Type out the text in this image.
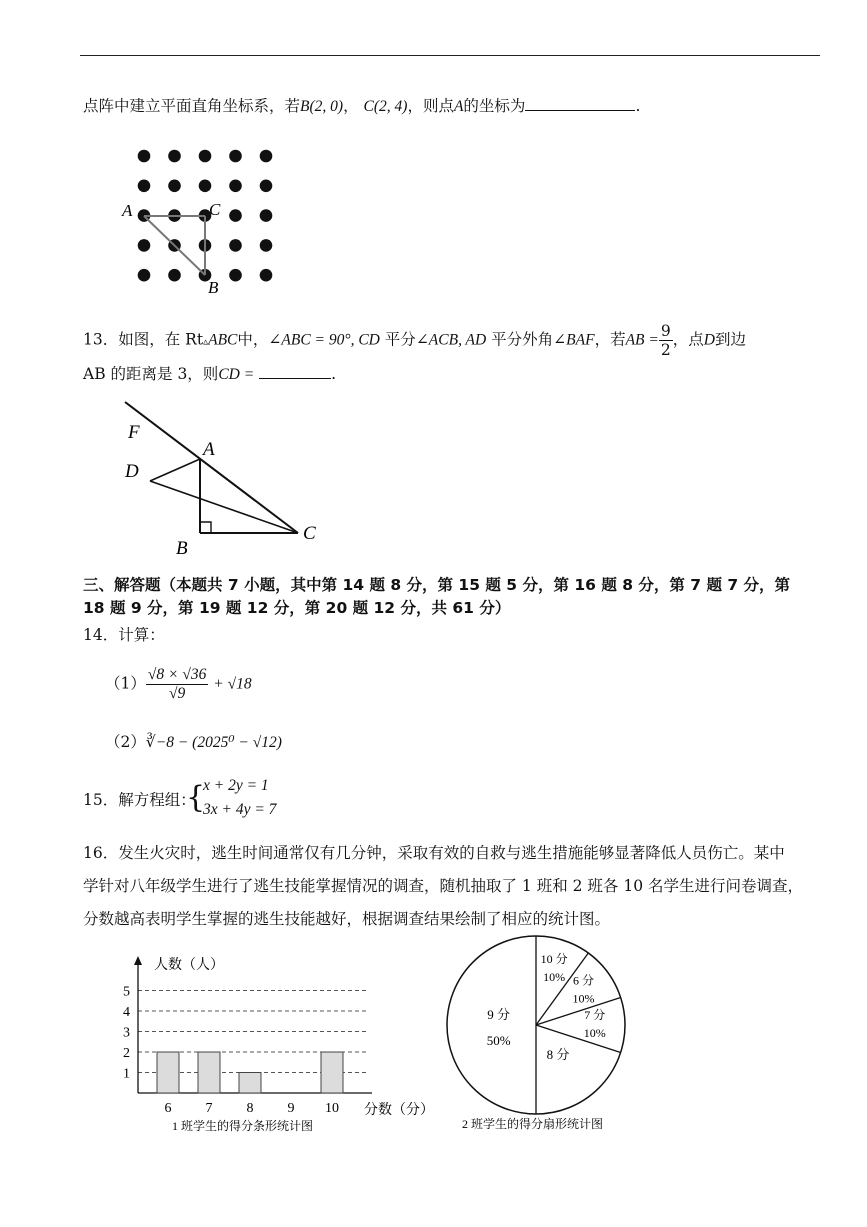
点阵中建立平面直角坐标系，若B(2, 0)， C(2, 4)，则点A的坐标为	.
A	C
B
13．如图，在 Rt▵ABC中，∠ABC = 90°, CD 平分∠ACB, AD 平分外角∠BAF，若AB = $\frac{9}{2}$ ，点D到边
AB 的距离是 3，则CD =	.
F
A
D
B
C
三、解答题（本题共 7 小题，其中第 14 题 8 分，第 15 题 5 分，第 16 题 8 分，第 7 题 7 分，第
18 题 9 分，第 19 题 12 分，第 20 题 12 分，共 61 分）
14．计算：
$(1) \frac{√8 \times √36}{√9} + √18$
（2）∛−8 − (2025⁰ − √12)
15．解方程组：
{
x + 2y = 1
3x + 4y = 7
16．发生火灾时，逃生时间通常仅有几分钟，采取有效的自救与逃生措施能够显著降低人员伤亡。某中
学针对八年级学生进行了逃生技能掌握情况的调查，随机抽取了 1 班和 2 班各 10 名学生进行问卷调查，
分数越高表明学生掌握的逃生技能越好，根据调查结果绘制了相应的统计图。
1
2
3
4
5
6 7 8 9 10
人数（人）
分数（分）
1 班学生的得分条形统计图
10 分
10% 6 分
10%
7 分
10%
8 分
9 分
50%
2 班学生的得分扇形统计图
